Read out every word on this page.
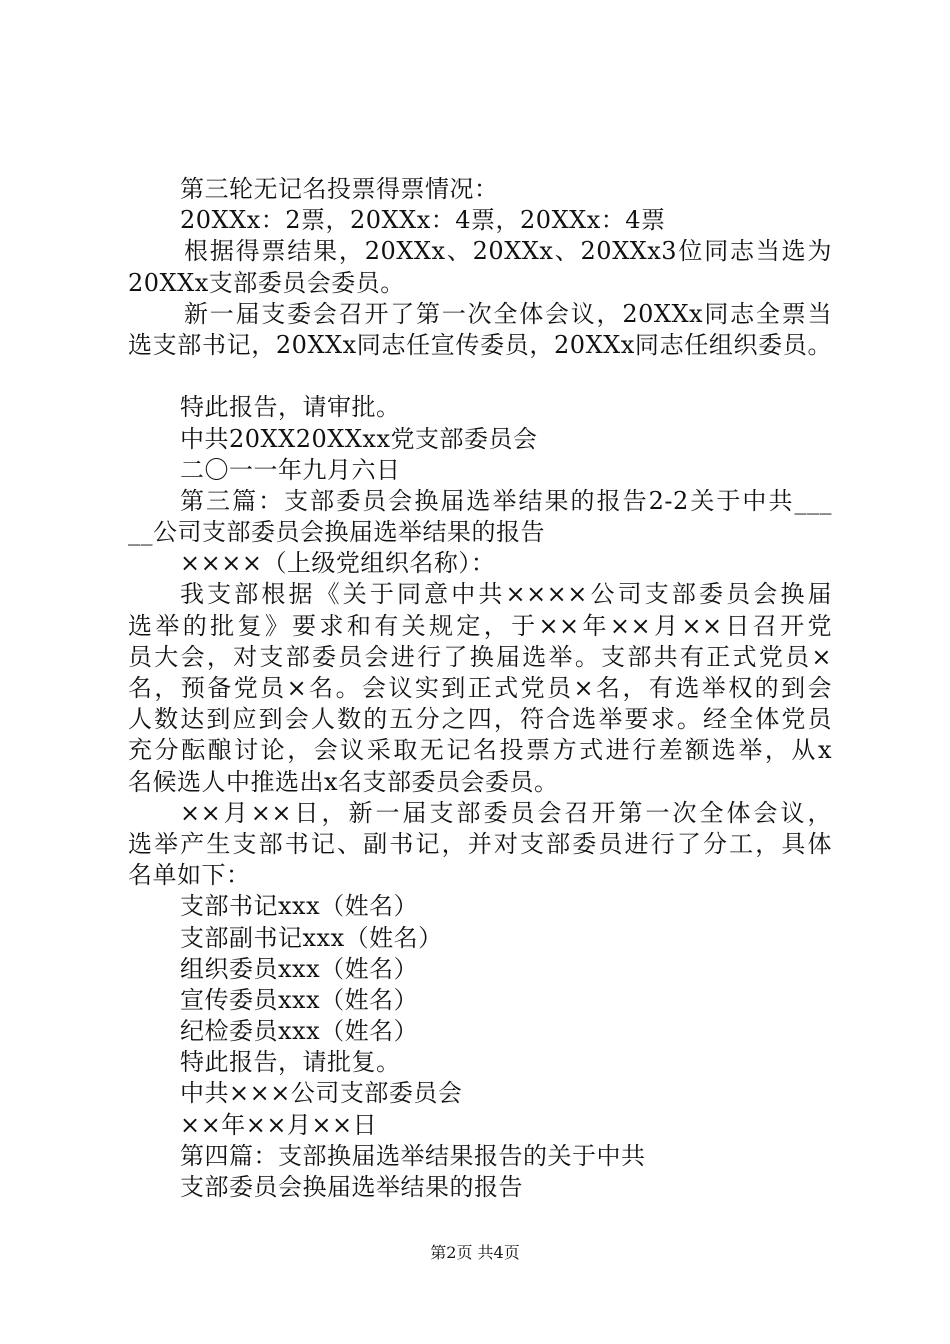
第三轮无记名投票得票情况：
20XXx：2票，20XXx：4票，20XXx：4票
根据得票结果，20XXx、20XXx、20XXx3位同志当选为
20XXx支部委员会委员。
新一届支委会召开了第一次全体会议，20XXx同志全票当
选支部书记，20XXx同志任宣传委员，20XXx同志任组织委员。
特此报告，请审批。
中共20XX20XXxx党支部委员会
二〇一一年九月六日
第三篇：支部委员会换届选举结果的报告2-2关于中共___
__公司支部委员会换届选举结果的报告
××××（上级党组织名称）：
我支部根据《关于同意中共××××公司支部委员会换届
选举的批复》要求和有关规定，于××年××月××日召开党
员大会，对支部委员会进行了换届选举。支部共有正式党员×
名，预备党员×名。会议实到正式党员×名，有选举权的到会
人数达到应到会人数的五分之四，符合选举要求。经全体党员
充分酝酿讨论，会议采取无记名投票方式进行差额选举，从x
名候选人中推选出x名支部委员会委员。
××月××日，新一届支部委员会召开第一次全体会议，
选举产生支部书记、副书记，并对支部委员进行了分工，具体
名单如下：
支部书记xxx（姓名）
支部副书记xxx（姓名）
组织委员xxx（姓名）
宣传委员xxx（姓名）
纪检委员xxx（姓名）
特此报告，请批复。
中共×××公司支部委员会
××年××月××日
第四篇：支部换届选举结果报告的关于中共
支部委员会换届选举结果的报告
第2页 共4页
